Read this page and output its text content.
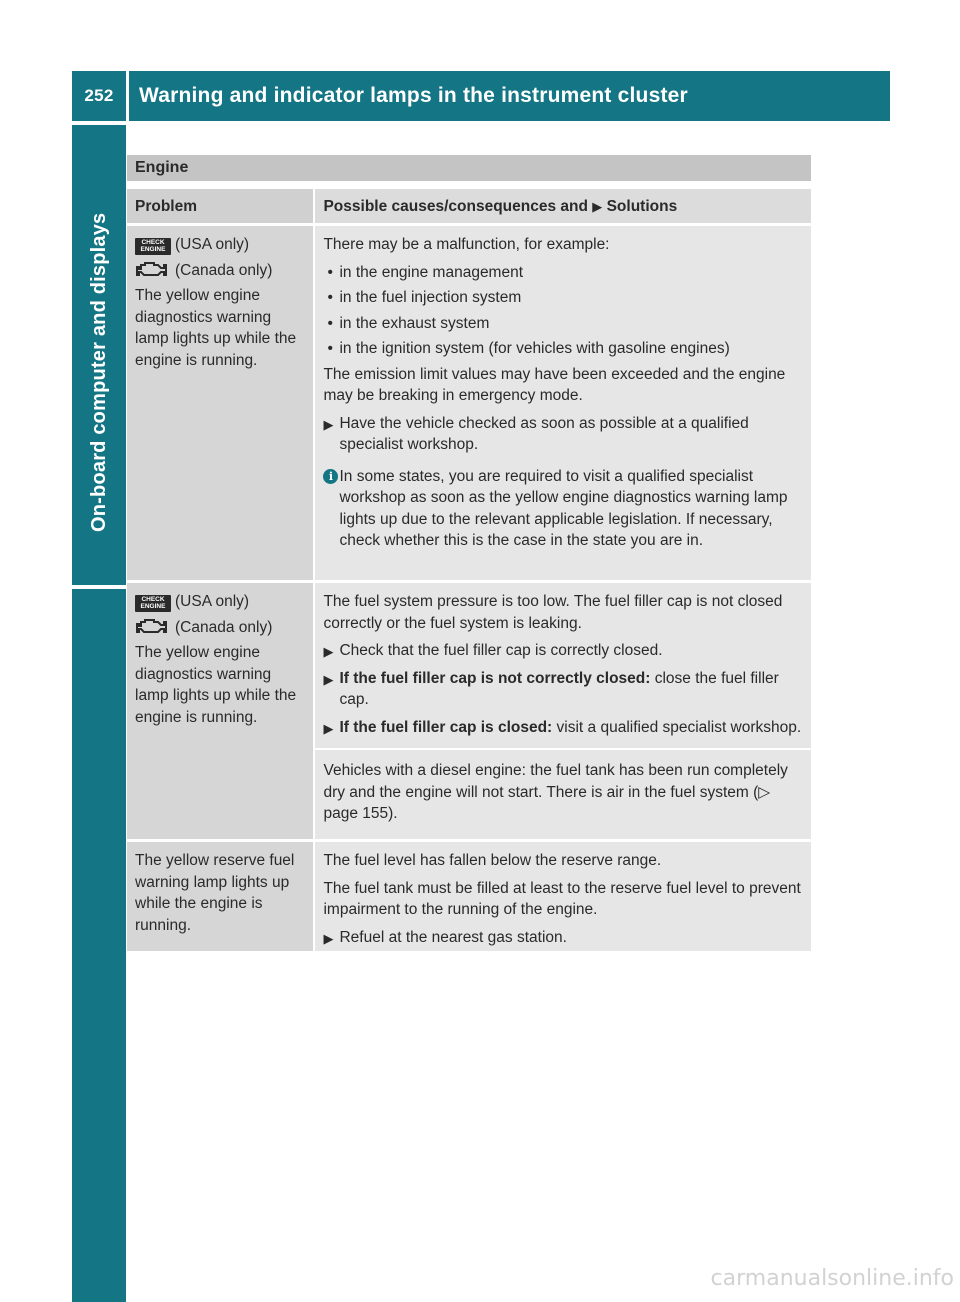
252	Warning and indicator lamps in the instrument cluster
On-board computer and displays
Engine
Problem	Possible causes/consequences and ▶ Solutions
CHECK ENGINE (USA only)
(Canada only)
The yellow engine diagnostics warning lamp lights up while the engine is running.
There may be a malfunction, for example:
• in the engine management
• in the fuel injection system
• in the exhaust system
• in the ignition system (for vehicles with gasoline engines)
The emission limit values may have been exceeded and the engine may be breaking in emergency mode.
▶ Have the vehicle checked as soon as possible at a qualified specialist workshop.
i In some states, you are required to visit a qualified specialist workshop as soon as the yellow engine diagnostics warning lamp lights up due to the relevant applicable legislation. If necessary, check whether this is the case in the state you are in.
CHECK ENGINE (USA only)
(Canada only)
The yellow engine diagnostics warning lamp lights up while the engine is running.
The fuel system pressure is too low. The fuel filler cap is not closed correctly or the fuel system is leaking.
▶ Check that the fuel filler cap is correctly closed.
▶ If the fuel filler cap is not correctly closed: close the fuel filler cap.
▶ If the fuel filler cap is closed: visit a qualified specialist workshop.
Vehicles with a diesel engine: the fuel tank has been run completely dry and the engine will not start. There is air in the fuel system (▷ page 155).
The yellow reserve fuel warning lamp lights up while the engine is running.
The fuel level has fallen below the reserve range.
The fuel tank must be filled at least to the reserve fuel level to prevent impairment to the running of the engine.
▶ Refuel at the nearest gas station.
carmanualsonline.info
